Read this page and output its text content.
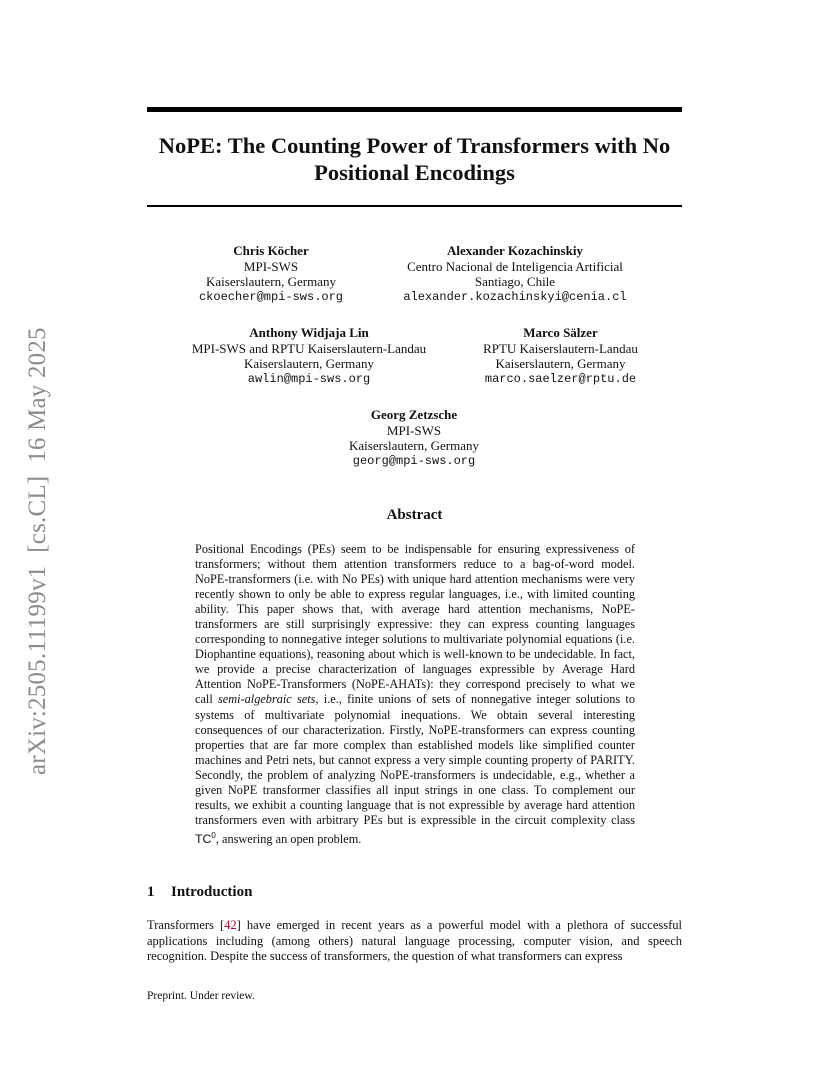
NoPE: The Counting Power of Transformers with No Positional Encodings
arXiv:2505.11199v1  [cs.CL]  16 May 2025
Chris Köcher
MPI-SWS
Kaiserslautern, Germany
ckoecher@mpi-sws.org
Alexander Kozachinskiy
Centro Nacional de Inteligencia Artificial
Santiago, Chile
alexander.kozachinskyi@cenia.cl
Anthony Widjaja Lin
MPI-SWS and RPTU Kaiserslautern-Landau
Kaiserslautern, Germany
awlin@mpi-sws.org
Marco Sälzer
RPTU Kaiserslautern-Landau
Kaiserslautern, Germany
marco.saelzer@rptu.de
Georg Zetzsche
MPI-SWS
Kaiserslautern, Germany
georg@mpi-sws.org
Abstract
Positional Encodings (PEs) seem to be indispensable for ensuring expressiveness of transformers; without them attention transformers reduce to a bag-of-word model. NoPE-transformers (i.e. with No PEs) with unique hard attention mechanisms were very recently shown to only be able to express regular languages, i.e., with limited counting ability. This paper shows that, with average hard attention mechanisms, NoPE-transformers are still surprisingly expressive: they can express counting languages corresponding to nonnegative integer solutions to multivariate polynomial equations (i.e. Diophantine equations), reasoning about which is well-known to be undecidable. In fact, we provide a precise characterization of languages expressible by Average Hard Attention NoPE-Transformers (NoPE-AHATs): they correspond precisely to what we call semi-algebraic sets, i.e., finite unions of sets of nonnegative integer solutions to systems of multivariate polynomial inequations. We obtain several interesting consequences of our characterization. Firstly, NoPE-transformers can express counting properties that are far more complex than established models like simplified counter machines and Petri nets, but cannot express a very simple counting property of PARITY. Secondly, the problem of analyzing NoPE-transformers is undecidable, e.g., whether a given NoPE transformer classifies all input strings in one class. To complement our results, we exhibit a counting language that is not expressible by average hard attention transformers even with arbitrary PEs but is expressible in the circuit complexity class $TC^0$, answering an open problem.
1 Introduction
Transformers [42] have emerged in recent years as a powerful model with a plethora of successful applications including (among others) natural language processing, computer vision, and speech recognition. Despite the success of transformers, the question of what transformers can express
Preprint. Under review.
